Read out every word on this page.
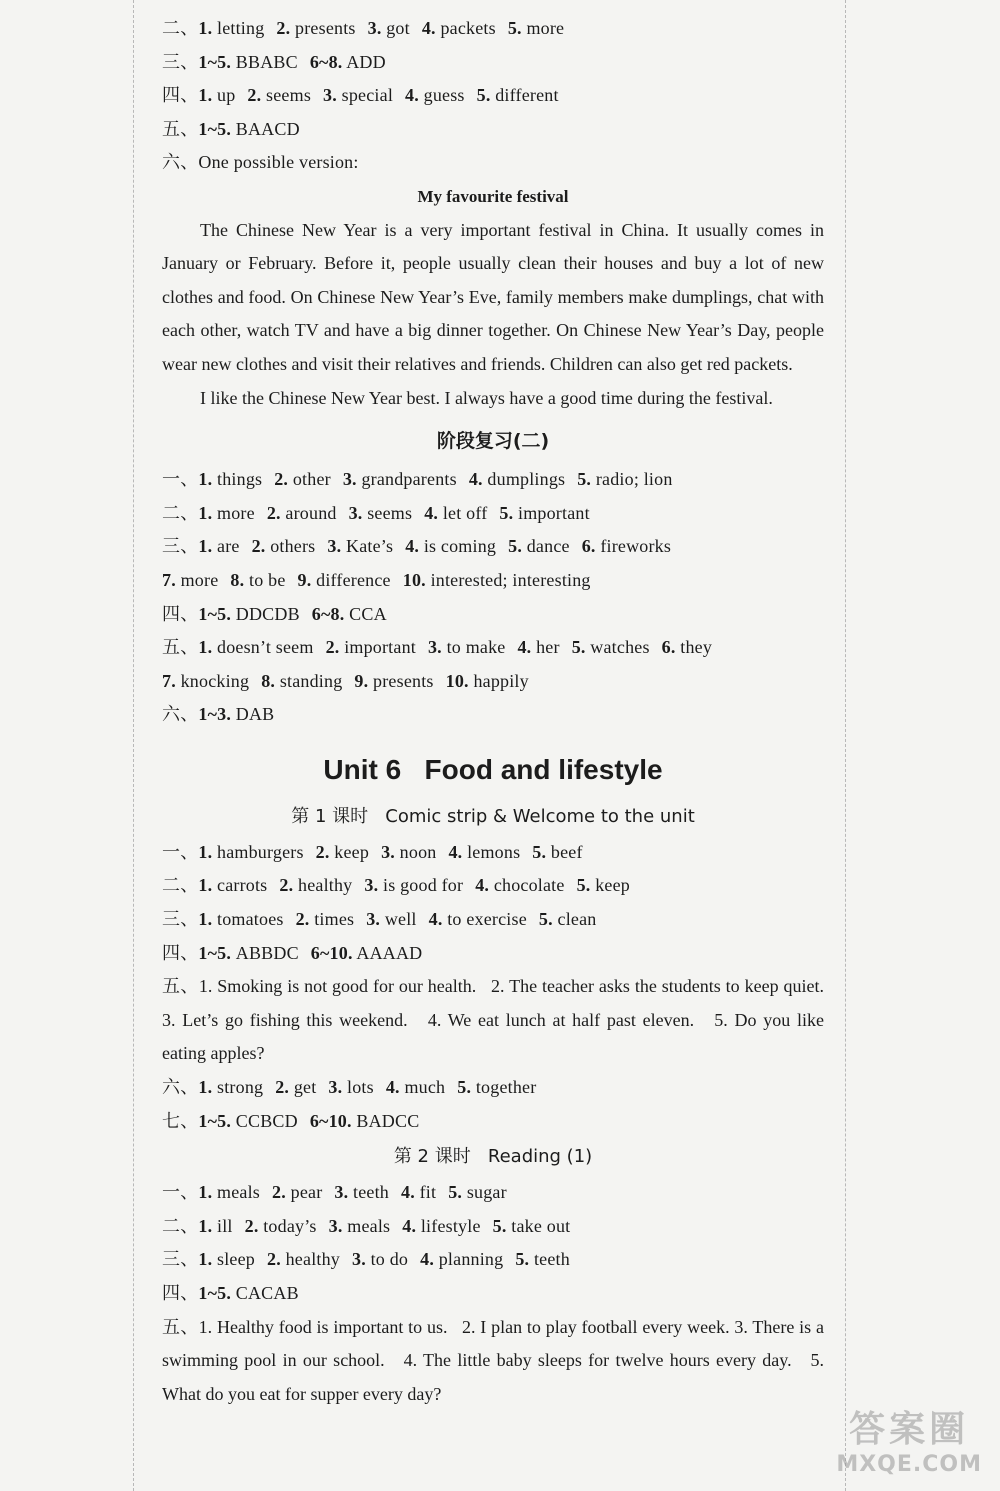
二、1. letting 2. presents 3. got 4. packets 5. more
三、1~5. BBABC 6~8. ADD
四、1. up 2. seems 3. special 4. guess 5. different
五、1~5. BAACD
六、One possible version:
My favourite festival

The Chinese New Year is a very important festival in China. It usually comes in January or February. Before it, people usually clean their houses and buy a lot of new clothes and food. On Chinese New Year’s Eve, family members make dumplings, chat with each other, watch TV and have a big dinner together. On Chinese New Year’s Day, people wear new clothes and visit their relatives and friends. Children can also get red packets.

I like the Chinese New Year best. I always have a good time during the festival.

阶段复习(二)
一、1. things 2. other 3. grandparents 4. dumplings 5. radio; lion
二、1. more 2. around 3. seems 4. let off 5. important
三、1. are 2. others 3. Kate’s 4. is coming 5. dance 6. fireworks
7. more 8. to be 9. difference 10. interested; interesting
四、1~5. DDCDB 6~8. CCA
五、1. doesn’t seem 2. important 3. to make 4. her 5. watches 6. they
7. knocking 8. standing 9. presents 10. happily
六、1~3. DAB
Unit 6   Food and lifestyle
第 1 课时   Comic strip & Welcome to the unit
一、1. hamburgers 2. keep 3. noon 4. lemons 5. beef
二、1. carrots 2. healthy 3. is good for 4. chocolate 5. keep
三、1. tomatoes 2. times 3. well 4. to exercise 5. clean
四、1~5. ABBDC 6~10. AAAAD

五、1. Smoking is not good for our health.   2. The teacher asks the students to keep quiet.   3. Let’s go fishing this weekend.   4. We eat lunch at half past eleven.   5. Do you like eating apples?

六、1. strong 2. get 3. lots 4. much 5. together
七、1~5. CCBCD 6~10. BADCC
第 2 课时   Reading (1)
一、1. meals 2. pear 3. teeth 4. fit 5. sugar
二、1. ill 2. today’s 3. meals 4. lifestyle 5. take out
三、1. sleep 2. healthy 3. to do 4. planning 5. teeth
四、1~5. CACAB

五、1. Healthy food is important to us.   2. I plan to play football every week. 3. There is a swimming pool in our school.   4. The little baby sleeps for twelve hours every day.   5. What do you eat for supper every day?

答案圈
MXQE.COM
